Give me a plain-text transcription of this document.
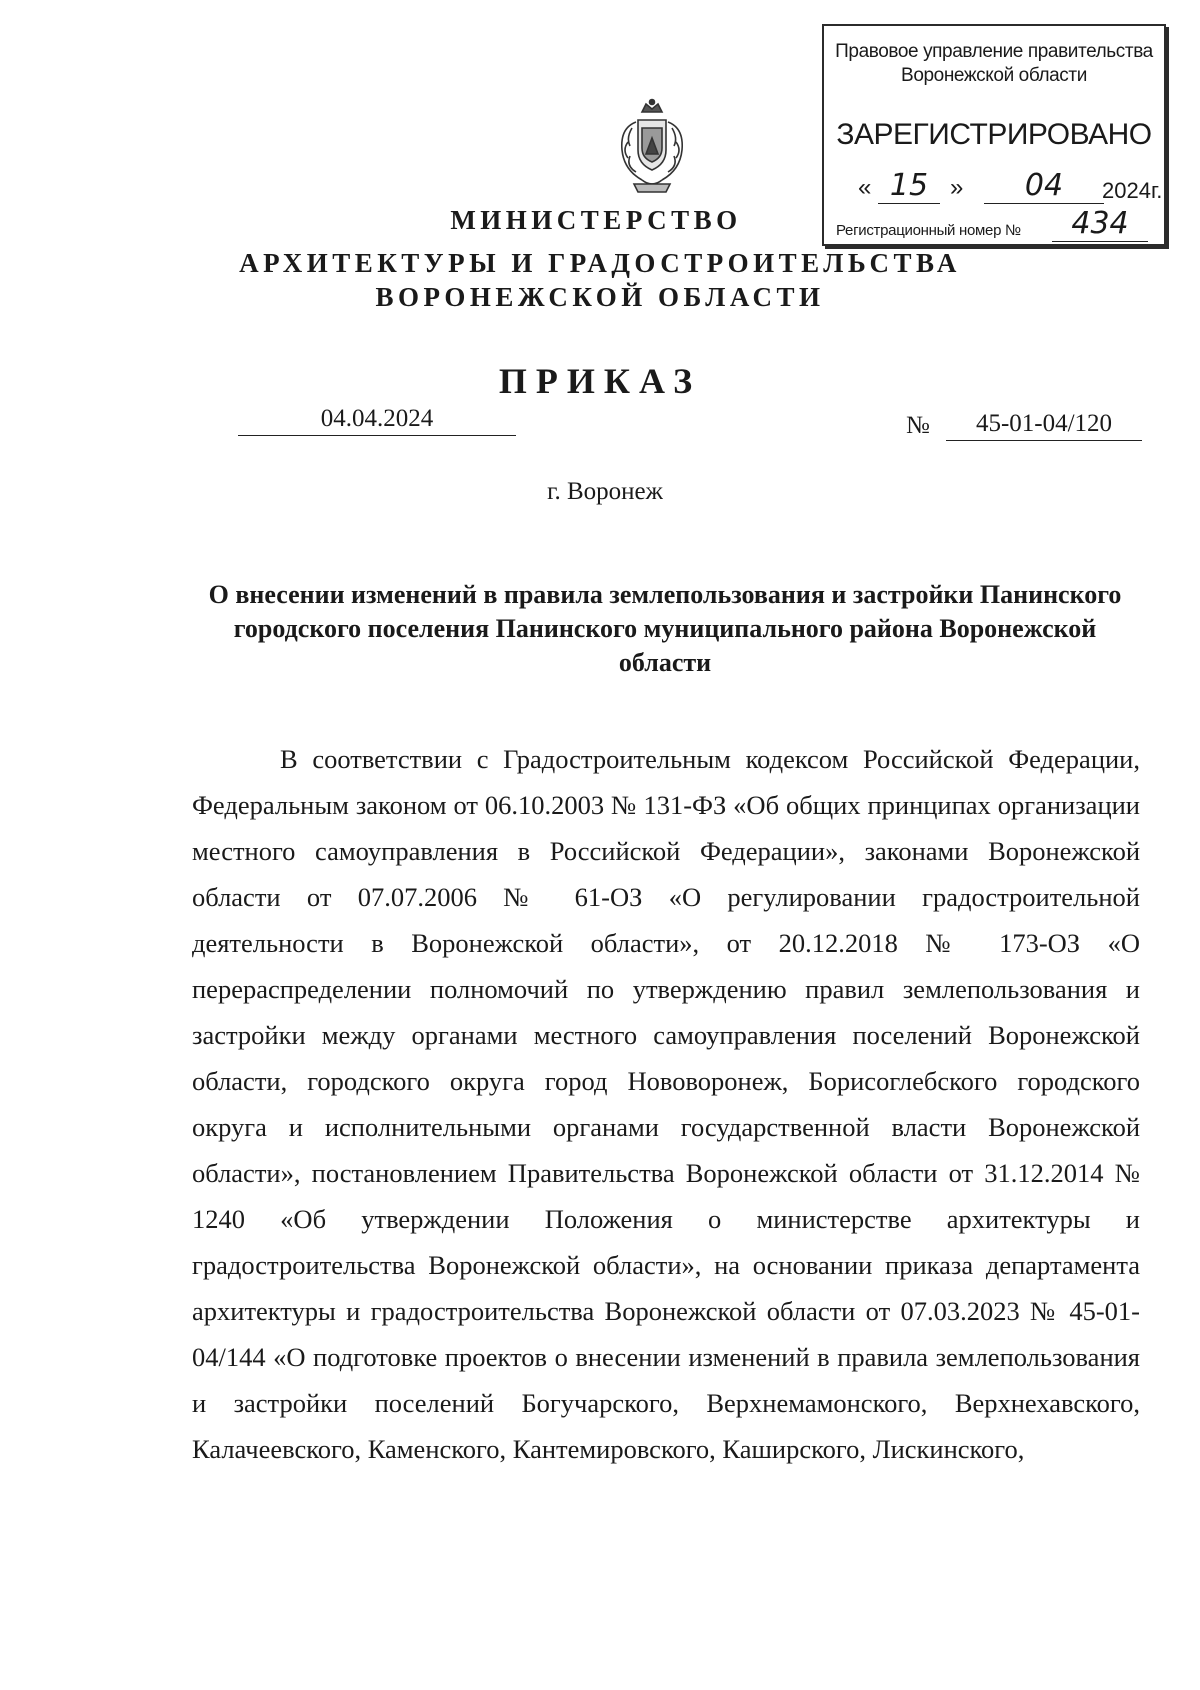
Правовое управление правительства Воронежской области
ЗАРЕГИСТРИРОВАНО
« 15 »	04	2024г.
Регистрационный номер №	434
МИНИСТЕРСТВО
АРХИТЕКТУРЫ И ГРАДОСТРОИТЕЛЬСТВА
ВОРОНЕЖСКОЙ ОБЛАСТИ
ПРИКАЗ
04.04.2024	№	45-01-04/120
г. Воронеж
О внесении изменений в правила землепользования и застройки Панинского городского поселения Панинского муниципального района Воронежской области

В соответствии с Градостроительным кодексом Российской Федерации, Федеральным законом от 06.10.2003 № 131-ФЗ «Об общих принципах организации местного самоуправления в Российской Федерации», законами Воронежской области от 07.07.2006 № 61-ОЗ «О регулировании градостроительной деятельности в Воронежской области», от 20.12.2018 № 173-ОЗ «О перераспределении полномочий по утверждению правил землепользования и застройки между органами местного самоуправления поселений Воронежской области, городского округа город Нововоронеж, Борисоглебского городского округа и исполнительными органами государственной власти Воронежской области», постановлением Правительства Воронежской области от 31.12.2014 № 1240 «Об утверждении Положения о министерстве архитектуры и градостроительства Воронежской области», на основании приказа департамента архитектуры и градостроительства Воронежской области от 07.03.2023 № 45-01-04/144 «О подготовке проектов о внесении изменений в правила землепользования и застройки поселений Богучарского, Верхнемамонского, Верхнехавского, Калачеевского, Каменского, Кантемировского, Каширского, Лискинского,
